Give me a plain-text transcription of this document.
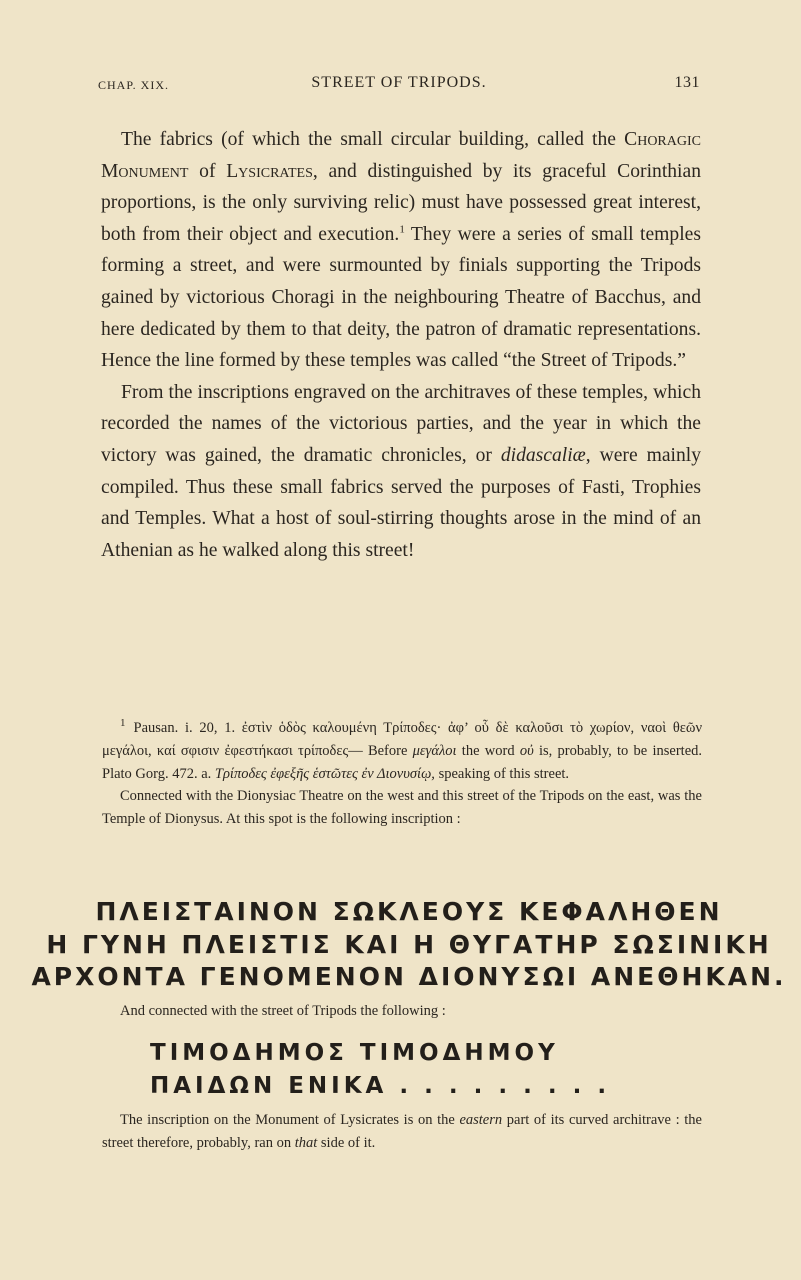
CHAP. XIX.	STREET OF TRIPODS.	131

The fabrics (of which the small circular building, called the Choragic Monument of Lysicrates, and distinguished by its graceful Corinthian proportions, is the only surviving relic) must have possessed great interest, both from their object and execution.$^1$ They were a series of small temples forming a street, and were surmounted by finials supporting the Tripods gained by victorious Choragi in the neighbouring Theatre of Bacchus, and here dedicated by them to that deity, the patron of dramatic representations. Hence the line formed by these temples was called “the Street of Tripods.”

From the inscriptions engraved on the architraves of these temples, which recorded the names of the victorious parties, and the year in which the victory was gained, the dramatic chronicles, or didascaliæ, were mainly compiled. Thus these small fabrics served the purposes of Fasti, Trophies and Temples. What a host of soul-stirring thoughts arose in the mind of an Athenian as he walked along this street!

$^1$ Pausan. i. 20, 1. ἐστὶν ὁδὸς καλουμένη Τρίποδες· ἀφ’ οὗ δὲ καλοῦσι τὸ χωρίον, ναοὶ θεῶν μεγάλοι, καί σφισιν ἐφεστήκασι τρίποδες— Before μεγάλοι the word οὐ is, probably, to be inserted. Plato Gorg. 472. a. Τρίποδες ἐφεξῆς ἑστῶτες ἐν Διονυσίῳ, speaking of this street.

Connected with the Dionysiac Theatre on the west and this street of the Tripods on the east, was the Temple of Dionysus. At this spot is the following inscription :

ΠΛΕΙΣΤΑΙΝΟΝ ΣΩΚΛΕΟΥΣ ΚΕΦΑΛΗΘΕΝ
Η ΓΥΝΗ ΠΛΕΙΣΤΙΣ ΚΑΙ Η ΘΥΓΑΤΗΡ ΣΩΣΙΝΙΚΗ
ΑΡΧΟΝΤΑ ΓΕΝΟΜΕΝΟΝ ΔΙΟΝΥΣΩΙ ΑΝΕΘΗΚΑΝ.
And connected with the street of Tripods the following :
ΤΙΜΟΔΗΜΟΣ ΤΙΜΟΔΗΜΟΥ
ΠΑΙΔΩΝ ΕΝΙΚΑ . . . . . . . . .

The inscription on the Monument of Lysicrates is on the eastern part of its curved architrave : the street therefore, probably, ran on that side of it.
